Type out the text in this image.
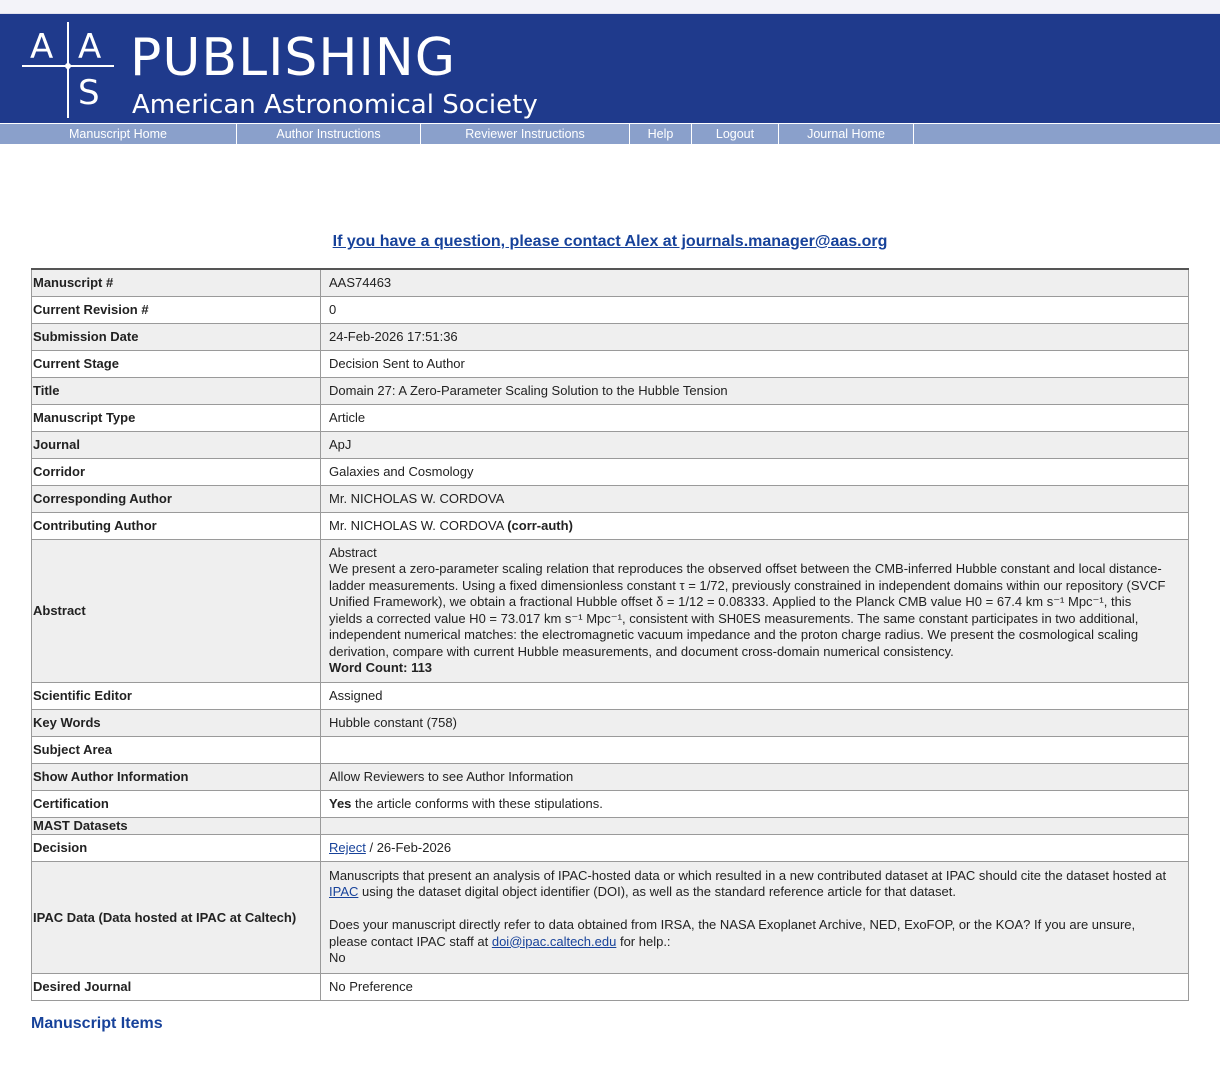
A A
S
PUBLISHING
American Astronomical Society
Manuscript Home	Author Instructions	Reviewer Instructions	Help	Logout	Journal Home
If you have a question, please contact Alex at journals.manager@aas.org
Manuscript #	AAS74463
Current Revision #	0
Submission Date	24-Feb-2026 17:51:36
Current Stage	Decision Sent to Author
Title	Domain 27: A Zero-Parameter Scaling Solution to the Hubble Tension
Manuscript Type	Article
Journal	ApJ
Corridor	Galaxies and Cosmology
Corresponding Author	Mr. NICHOLAS W. CORDOVA
Contributing Author	Mr. NICHOLAS W. CORDOVA (corr-auth)
Abstract	Abstract
We present a zero-parameter scaling relation that reproduces the observed offset between the CMB-inferred Hubble constant and local distance-ladder measurements. Using a fixed dimensionless constant τ = 1/72, previously constrained in independent domains within our repository (SVCF Unified Framework), we obtain a fractional Hubble offset δ = 1/12 = 0.08333. Applied to the Planck CMB value H0 = 67.4 km s⁻¹ Mpc⁻¹, this yields a corrected value H0 = 73.017 km s⁻¹ Mpc⁻¹, consistent with SH0ES measurements. The same constant participates in two additional, independent numerical matches: the electromagnetic vacuum impedance and the proton charge radius. We present the cosmological scaling derivation, compare with current Hubble measurements, and document cross-domain numerical consistency.
Word Count: 113

Scientific Editor	Assigned
Key Words	Hubble constant (758)
Subject Area	
Show Author Information	Allow Reviewers to see Author Information
Certification	Yes the article conforms with these stipulations.
MAST Datasets	
Decision	Reject / 26-Feb-2026
IPAC Data (Data hosted at IPAC at Caltech)	Manuscripts that present an analysis of IPAC-hosted data or which resulted in a new contributed dataset at IPAC should cite the dataset hosted at IPAC using the dataset digital object identifier (DOI), as well as the standard reference article for that dataset.
Does your manuscript directly refer to data obtained from IRSA, the NASA Exoplanet Archive, NED, ExoFOP, or the KOA? If you are unsure, please contact IPAC staff at doi@ipac.caltech.edu for help.:
No

Desired Journal	No Preference
Manuscript Items
